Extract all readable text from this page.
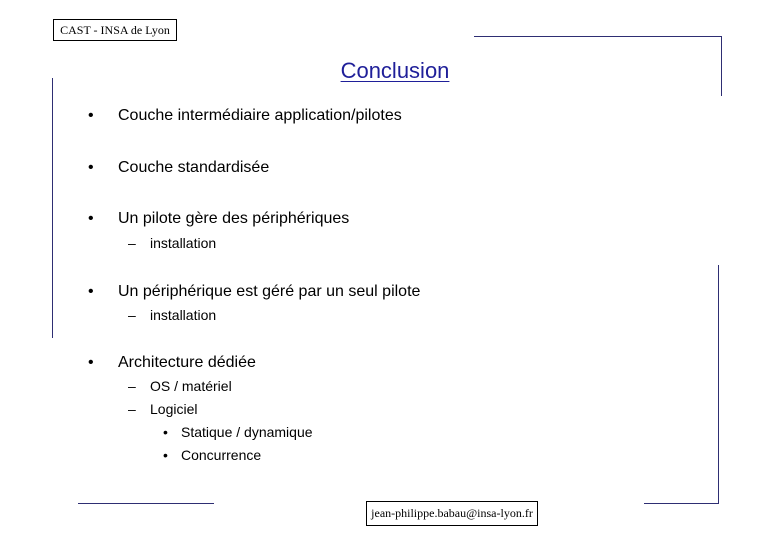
CAST - INSA de Lyon
Conclusion
• Couche intermédiaire application/pilotes
• Couche standardisée
• Un pilote gère des périphériques
– installation
• Un périphérique est géré par un seul pilote
– installation
• Architecture dédiée
– OS / matériel
– Logiciel
• Statique / dynamique
• Concurrence
jean-philippe.babau@insa-lyon.fr
